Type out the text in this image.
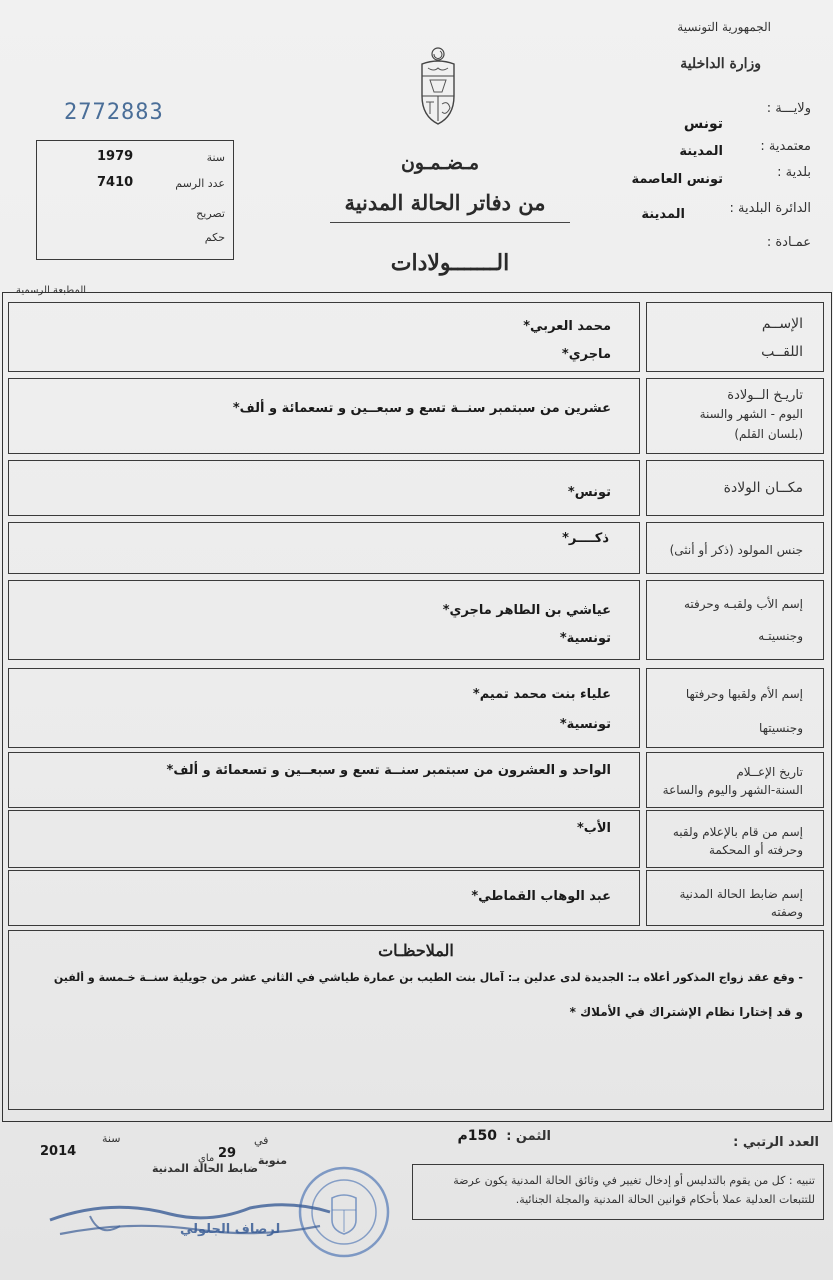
الجمهورية التونسية
وزارة الداخلية
2772883
سنة
1979
عدد الرسم
7410
تصريح
حكم
مـضـمـون
من دفاتر الحالة المدنية
الـــــــولادات
المطبعة الرسمية
ولايـــة :
تونس
معتمدية :
المدينة
بلدية :
تونس العاصمة
الدائرة البلدية :
المدينة
عمـادة :
الإســم
اللقــب
محمد العربي*
ماجري*
تاريـخ الــولادة
اليوم - الشهر والسنة
(بلسان القلم)
عشرين من سبتمبر سنــة تسع و سبعــين و تسعمائة و ألف*
مكــان الولادة
تونس*
جنس المولود (ذكر أو أنثى)
ذكــــر*
إسم الأب ولقبـه وحرفته
وجنسيتـه
عياشي بن الطاهر ماجري*
تونسية*
إسم الأم ولقبها وحرفتها
وجنسيتها
علياء بنت محمد تميم*
تونسية*
تاريخ الإعــلام
السنة-الشهر واليوم والساعة
الواحد و العشرون من سبتمبر سنــة تسع و سبعــين و تسعمائة و ألف*
إسم من قام بالإعلام ولقبه
وحرفته أو المحكمة
الأب*
إسم ضابط الحالة المدنية
وصفته
عبد الوهاب القماطي*
الملاحظـات
- وقع عقد زواج المذكور أعلاه بـ: الجديدة لدى عدلين بـ: آمال بنت الطيب بن عمارة طياشي في الثاني عشر من جويلية سنــة خـمسة و ألفين
و قد إختارا نظام الإشتراك في الأملاك *
العدد الرتبي :
الثمن :
150م
في
سنة
2014	29
ماي	منوبة
ضابط الحالة المدنية
تنبيه : كل من يقوم بالتدليس أو إدخال تغيير في وثائق الحالة المدنية يكون عرضة للتتبعات العدلية عملا بأحكام قوانين الحالة المدنية والمجلة الجنائية.
لرصاف الجلولي
